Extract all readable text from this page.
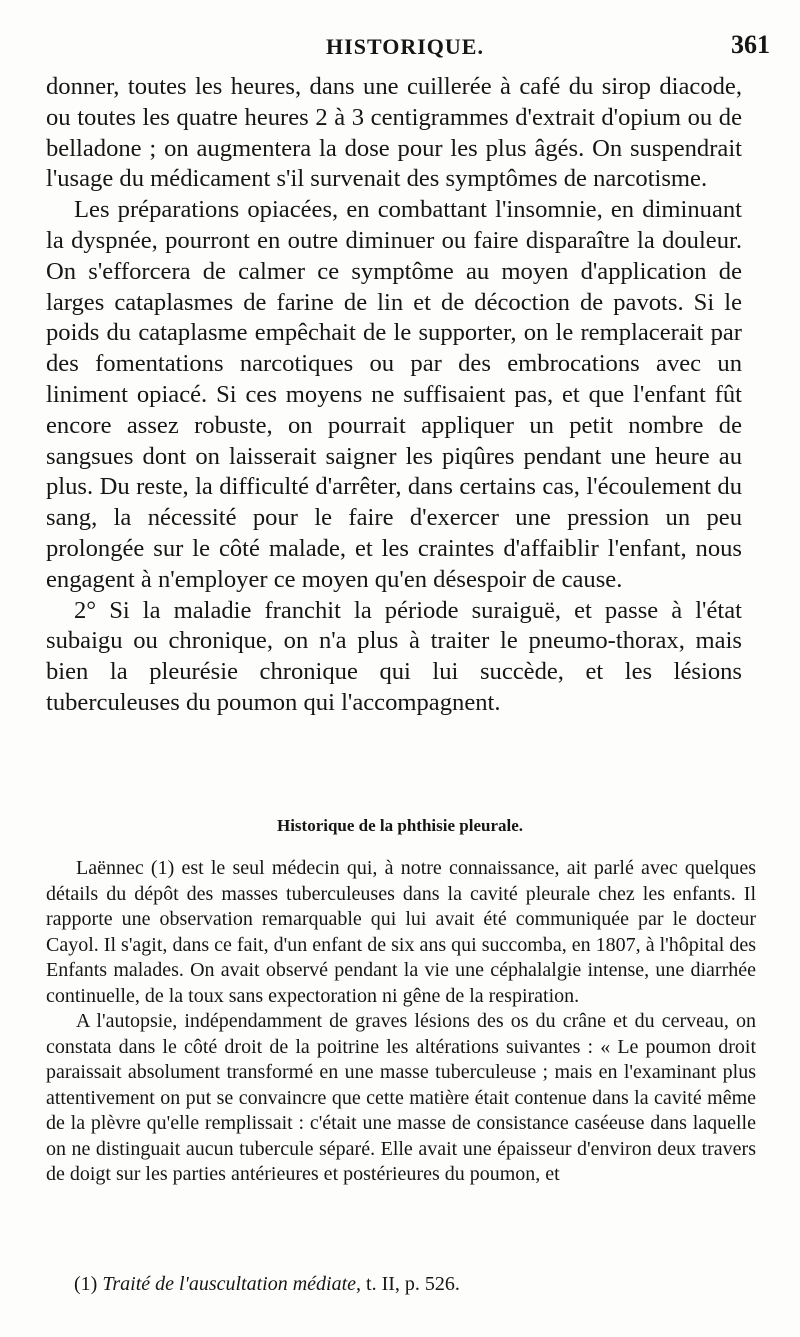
HISTORIQUE.	361

donner, toutes les heures, dans une cuillerée à café du sirop diacode, ou toutes les quatre heures 2 à 3 centigrammes d'extrait d'opium ou de belladone ; on augmentera la dose pour les plus âgés. On suspendrait l'usage du médicament s'il survenait des symptômes de narcotisme.

Les préparations opiacées, en combattant l'insomnie, en diminuant la dyspnée, pourront en outre diminuer ou faire disparaître la douleur. On s'efforcera de calmer ce symptôme au moyen d'application de larges cataplasmes de farine de lin et de décoction de pavots. Si le poids du cataplasme empêchait de le supporter, on le remplacerait par des fomentations narcotiques ou par des embrocations avec un liniment opiacé. Si ces moyens ne suffisaient pas, et que l'enfant fût encore assez robuste, on pourrait appliquer un petit nombre de sangsues dont on laisserait saigner les piqûres pendant une heure au plus. Du reste, la difficulté d'arrêter, dans certains cas, l'écoulement du sang, la nécessité pour le faire d'exercer une pression un peu prolongée sur le côté malade, et les craintes d'affaiblir l'enfant, nous engagent à n'employer ce moyen qu'en désespoir de cause.

2° Si la maladie franchit la période suraiguë, et passe à l'état subaigu ou chronique, on n'a plus à traiter le pneumo-thorax, mais bien la pleurésie chronique qui lui succède, et les lésions tuberculeuses du poumon qui l'accompagnent.

Historique de la phthisie pleurale.

Laënnec (1) est le seul médecin qui, à notre connaissance, ait parlé avec quelques détails du dépôt des masses tuberculeuses dans la cavité pleurale chez les enfants. Il rapporte une observation remarquable qui lui avait été communiquée par le docteur Cayol. Il s'agit, dans ce fait, d'un enfant de six ans qui succomba, en 1807, à l'hôpital des Enfants malades. On avait observé pendant la vie une céphalalgie intense, une diarrhée continuelle, de la toux sans expectoration ni gêne de la respiration.

A l'autopsie, indépendamment de graves lésions des os du crâne et du cerveau, on constata dans le côté droit de la poitrine les altérations suivantes : « Le poumon droit paraissait absolument transformé en une masse tuberculeuse ; mais en l'examinant plus attentivement on put se convaincre que cette matière était contenue dans la cavité même de la plèvre qu'elle remplissait : c'était une masse de consistance caséeuse dans laquelle on ne distinguait aucun tubercule séparé. Elle avait une épaisseur d'environ deux travers de doigt sur les parties antérieures et postérieures du poumon, et

(1) Traité de l'auscultation médiate, t. II, p. 526.
